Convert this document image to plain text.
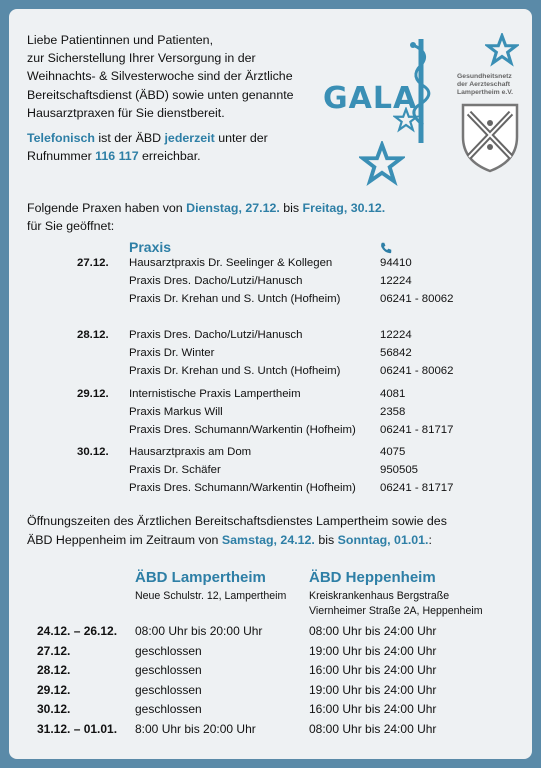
Liebe Patientinnen und Patienten,
zur Sicherstellung Ihrer Versorgung in der
Weihnachts- & Silvesterwoche sind der Ärztliche
Bereitschaftsdienst (ÄBD) sowie unten genannte
Hausarztpraxen für Sie dienstbereit.
Telefonisch ist der ÄBD jederzeit unter der
Rufnummer 116 117 erreichbar.
GALA
Gesundheitsnetz
der Aerzteschaft
Lampertheim e.V.
Folgende Praxen haben von Dienstag, 27.12. bis Freitag, 30.12.
für Sie geöffnet:
Praxis
27.12. Hausarztpraxis Dr. Seelinger & Kollegen	94410
Praxis Dres. Dacho/Lutzi/Hanusch	12224
Praxis Dr. Krehan und S. Untch (Hofheim)	06241 - 80062
28.12. Praxis Dres. Dacho/Lutzi/Hanusch	12224
Praxis Dr. Winter	56842
Praxis Dr. Krehan und S. Untch (Hofheim)	06241 - 80062
29.12. Internistische Praxis Lampertheim	4081
Praxis Markus Will	2358
Praxis Dres. Schumann/Warkentin (Hofheim) 06241 - 81717
30.12. Hausarztpraxis am Dom	4075
Praxis Dr. Schäfer	950505
Praxis Dres. Schumann/Warkentin (Hofheim) 06241 - 81717
Öffnungszeiten des Ärztlichen Bereitschaftsdienstes Lampertheim sowie des
ÄBD Heppenheim im Zeitraum von Samstag, 24.12. bis Sonntag, 01.01.:
ÄBD Lampertheim
Neue Schulstr. 12, Lampertheim
ÄBD Heppenheim
Kreiskrankenhaus Bergstraße
Viernheimer Straße 2A, Heppenheim
24.12. – 26.12. 08:00 Uhr bis 20:00 Uhr	08:00 Uhr bis 24:00 Uhr
27.12.	geschlossen	19:00 Uhr bis 24:00 Uhr
28.12.	geschlossen	16:00 Uhr bis 24:00 Uhr
29.12.	geschlossen	19:00 Uhr bis 24:00 Uhr
30.12.	geschlossen	16:00 Uhr bis 24:00 Uhr
31.12. – 01.01. 8:00 Uhr bis 20:00 Uhr	08:00 Uhr bis 24:00 Uhr
